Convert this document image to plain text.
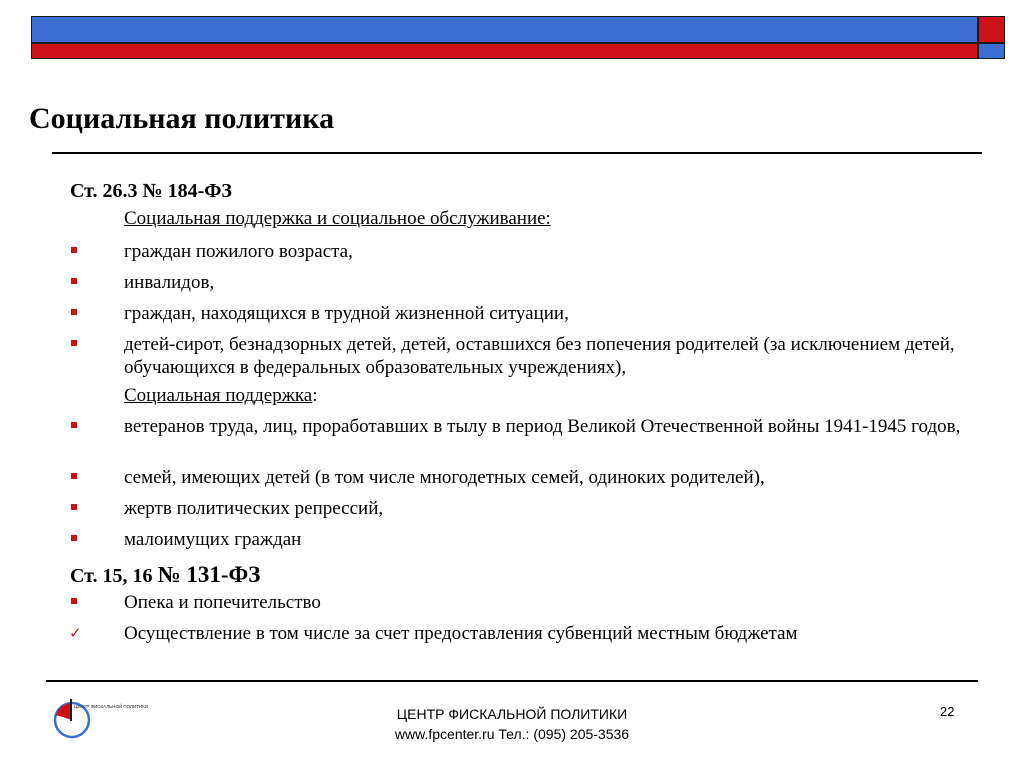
Социальная политика
Ст. 26.3 № 184-ФЗ
Социальная поддержка и социальное обслуживание:
граждан пожилого возраста,
инвалидов,
граждан, находящихся в трудной жизненной ситуации,
детей-сирот, безнадзорных детей, детей, оставшихся без попечения родителей (за исключением детей, обучающихся в федеральных образовательных учреждениях),
Социальная поддержка:
ветеранов труда, лиц, проработавших в тылу в период Великой Отечественной войны 1941-1945 годов,
семей, имеющих детей (в том числе многодетных семей, одиноких родителей),
жертв политических репрессий,
малоимущих граждан
Ст. 15, 16 № 131-ФЗ
Опека и попечительство
✓ Осуществление в том числе за счет предоставления субвенций местным бюджетам
ЦЕНТР ФИСКАЛЬНОЙ ПОЛИТИКИ	ЦЕНТР ФИСКАЛЬНОЙ ПОЛИТИКИ
www.fpcenter.ru Тел.: (095) 205-3536
22
